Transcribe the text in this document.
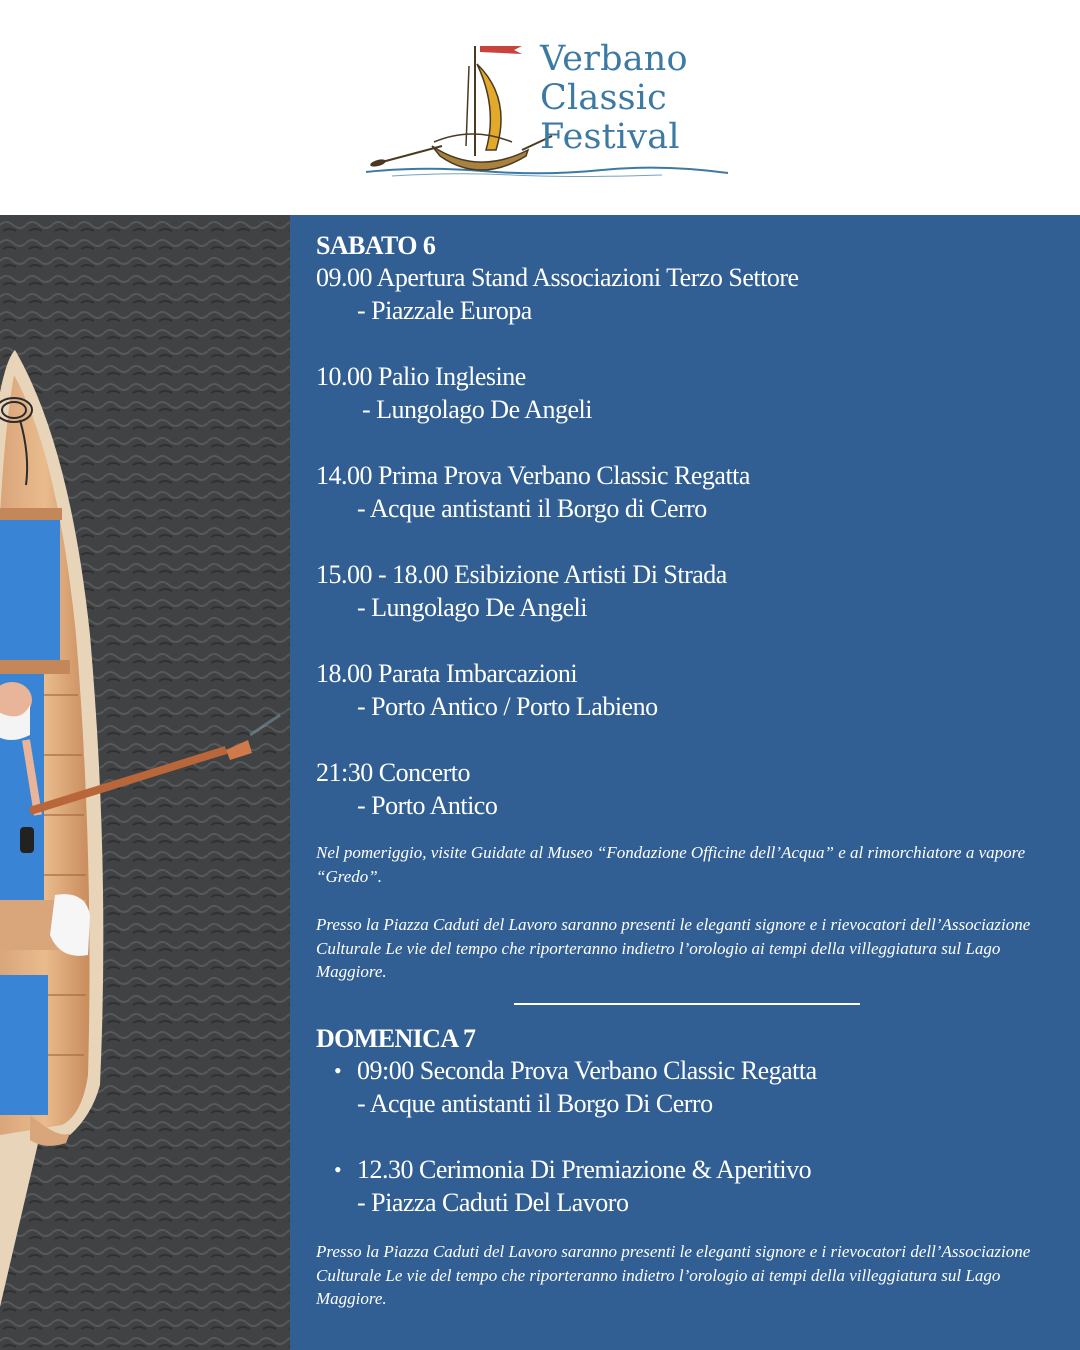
Verbano
Classic
Festival
SABATO 6
09.00 Apertura Stand Associazioni Terzo Settore
- Piazzale Europa
10.00 Palio Inglesine
- Lungolago De Angeli
14.00 Prima Prova Verbano Classic Regatta
- Acque antistanti il Borgo di Cerro
15.00 - 18.00 Esibizione Artisti Di Strada
- Lungolago De Angeli
18.00 Parata Imbarcazioni
- Porto Antico / Porto Labieno
21:30 Concerto
- Porto Antico
Nel pomeriggio, visite Guidate al Museo “Fondazione Officine dell’Acqua” e al rimorchiatore a vapore “Gredo”.
Presso la Piazza Caduti del Lavoro saranno presenti le eleganti signore e i rievocatori dell’Associazione Culturale Le vie del tempo che riporteranno indietro l’orologio ai tempi della villeggiatura sul Lago Maggiore.
DOMENICA 7
• 09:00 Seconda Prova Verbano Classic Regatta
- Acque antistanti il Borgo Di Cerro
• 12.30 Cerimonia Di Premiazione & Aperitivo
- Piazza Caduti Del Lavoro
Presso la Piazza Caduti del Lavoro saranno presenti le eleganti signore e i rievocatori dell’Associazione Culturale Le vie del tempo che riporteranno indietro l’orologio ai tempi della villeggiatura sul Lago Maggiore.
